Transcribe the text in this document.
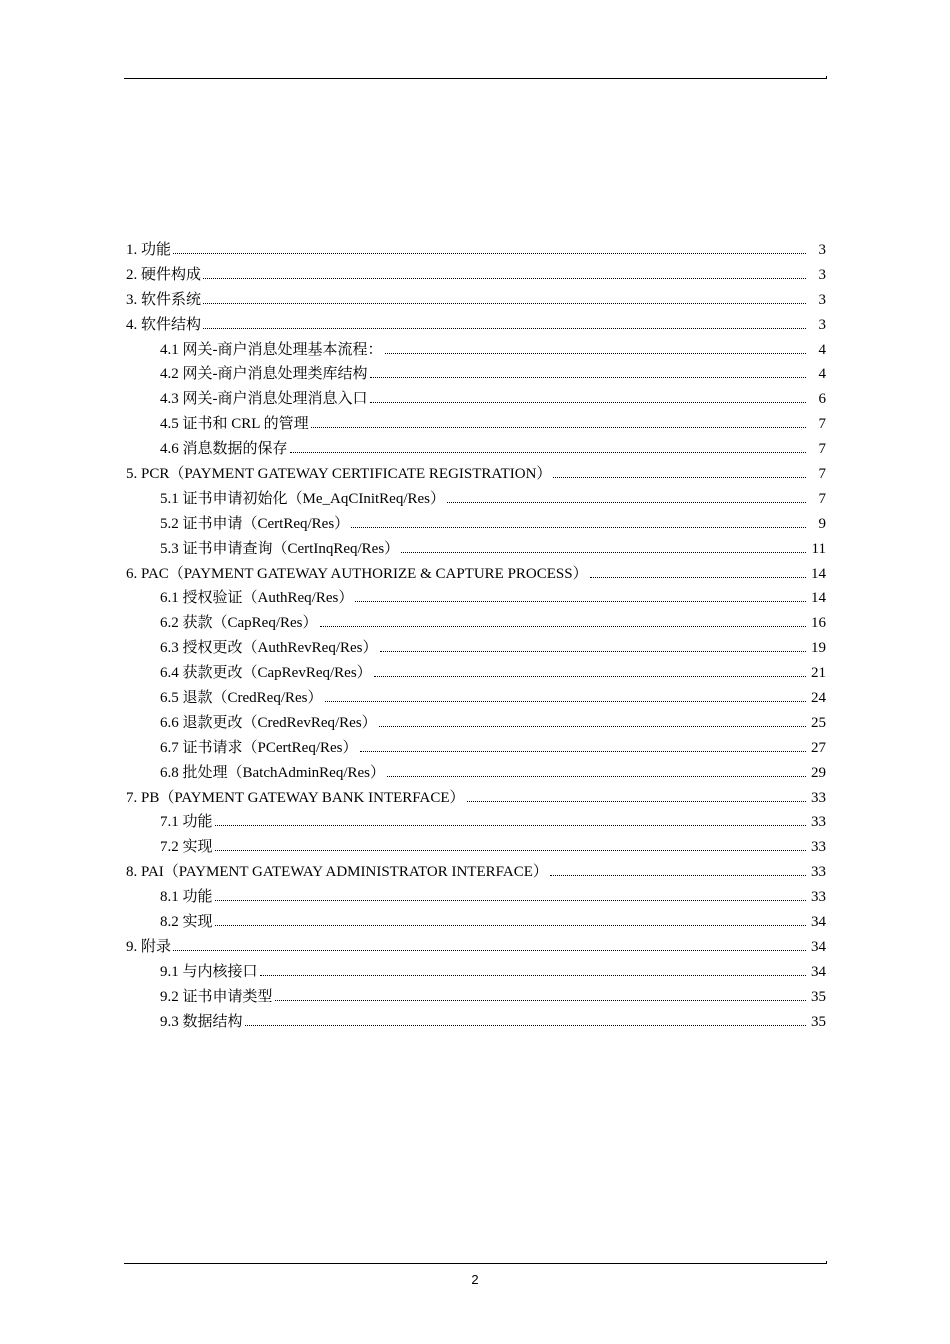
1. 功能	3
2. 硬件构成	3
3. 软件系统	3
4. 软件结构	3
4.1 网关-商户消息处理基本流程：	4
4.2 网关-商户消息处理类库结构	4
4.3 网关-商户消息处理消息入口	6
4.5 证书和 CRL 的管理	7
4.6 消息数据的保存	7
5. PCR（PAYMENT GATEWAY CERTIFICATE REGISTRATION）	7
5.1 证书申请初始化（Me_AqCInitReq/Res）	7
5.2 证书申请（CertReq/Res）	9
5.3 证书申请查询（CertInqReq/Res）	11
6. PAC（PAYMENT GATEWAY AUTHORIZE & CAPTURE PROCESS）	14
6.1 授权验证（AuthReq/Res）	14
6.2 获款（CapReq/Res）	16
6.3 授权更改（AuthRevReq/Res）	19
6.4 获款更改（CapRevReq/Res）	21
6.5 退款（CredReq/Res）	24
6.6 退款更改（CredRevReq/Res）	25
6.7 证书请求（PCertReq/Res）	27
6.8 批处理（BatchAdminReq/Res）	29
7. PB（PAYMENT GATEWAY BANK INTERFACE）	33
7.1 功能	33
7.2 实现	33
8. PAI（PAYMENT GATEWAY ADMINISTRATOR INTERFACE）	33
8.1 功能	33
8.2 实现	34
9. 附录	34
9.1 与内核接口	34
9.2 证书申请类型	35
9.3 数据结构	35
2
